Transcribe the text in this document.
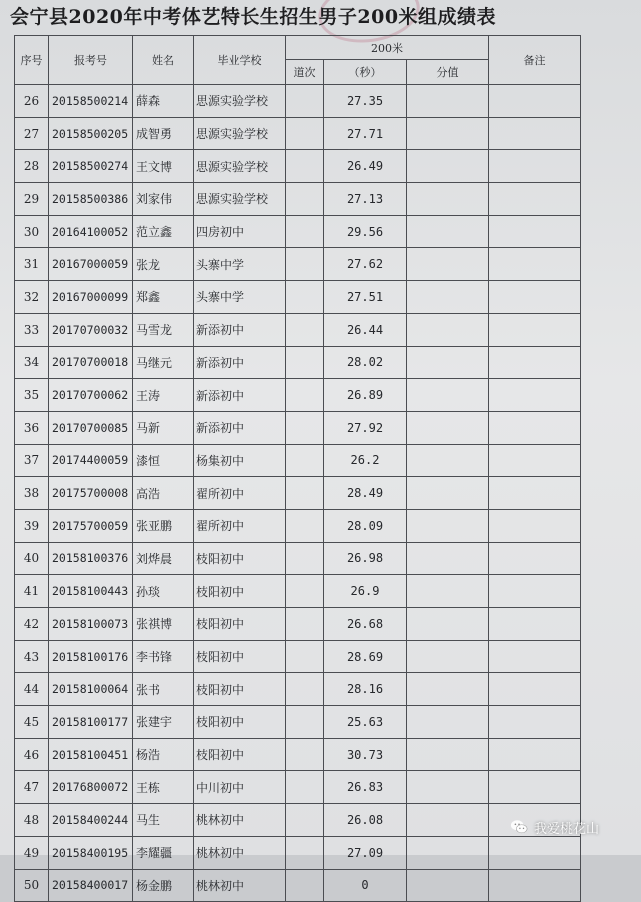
会宁县2020年中考体艺特长生招生男子200米组成绩表
序号	报考号	姓名	毕业学校	200米			备注
				道次	（秒）	分值	
26	20158500214	薛森	思源实验学校		27.35		
27	20158500205	成智勇	思源实验学校		27.71		
28	20158500274	王文博	思源实验学校		26.49		
29	20158500386	刘家伟	思源实验学校		27.13		
30	20164100052	范立鑫	四房初中		29.56		
31	20167000059	张龙	头寨中学		27.62		
32	20167000099	郑鑫	头寨中学		27.51		
33	20170700032	马雪龙	新添初中		26.44		
34	20170700018	马继元	新添初中		28.02		
35	20170700062	王涛	新添初中		26.89		
36	20170700085	马新	新添初中		27.92		
37	20174400059	漆恒	杨集初中		26.2		
38	20175700008	高浩	翟所初中		28.49		
39	20175700059	张亚鹏	翟所初中		28.09		
40	20158100376	刘烨晨	枝阳初中		26.98		
41	20158100443	孙琰	枝阳初中		26.9		
42	20158100073	张祺博	枝阳初中		26.68		
43	20158100176	李书锋	枝阳初中		28.69		
44	20158100064	张书	枝阳初中		28.16		
45	20158100177	张建宇	枝阳初中		25.63		
46	20158100451	杨浩	枝阳初中		30.73		
47	20176800072	王栋	中川初中		26.83		
48	20158400244	马生	桃林初中		26.08		
49	20158400195	李耀疆	桃林初中		27.09		
50	20158400017	杨金鹏	桃林初中		0		
我爱桃花山
